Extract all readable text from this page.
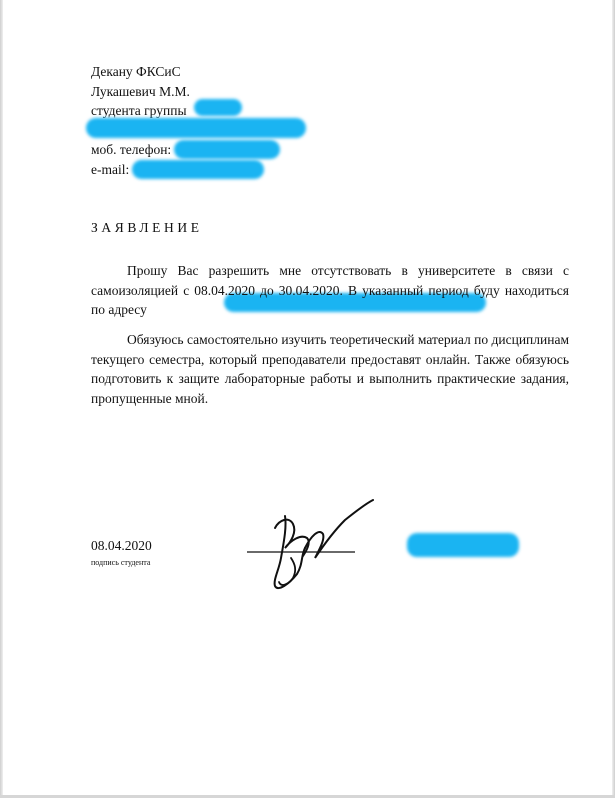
Декану ФКСиС
Лукашевич М.М.
студента группы

моб. телефон:
e-mail:
ЗАЯВЛЕНИЕ

Прошу Вас разрешить мне отсутствовать в университете в связи с самоизоляцией с 08.04.2020 до 30.04.2020. В указанный период буду находиться по адресу

Обязуюсь самостоятельно изучить теоретический материал по дисциплинам текущего семестра, который преподаватели предоставят онлайн. Также обязуюсь подготовить к защите лабораторные работы и выполнить практические задания, пропущенные мной.

08.04.2020
подпись студента
